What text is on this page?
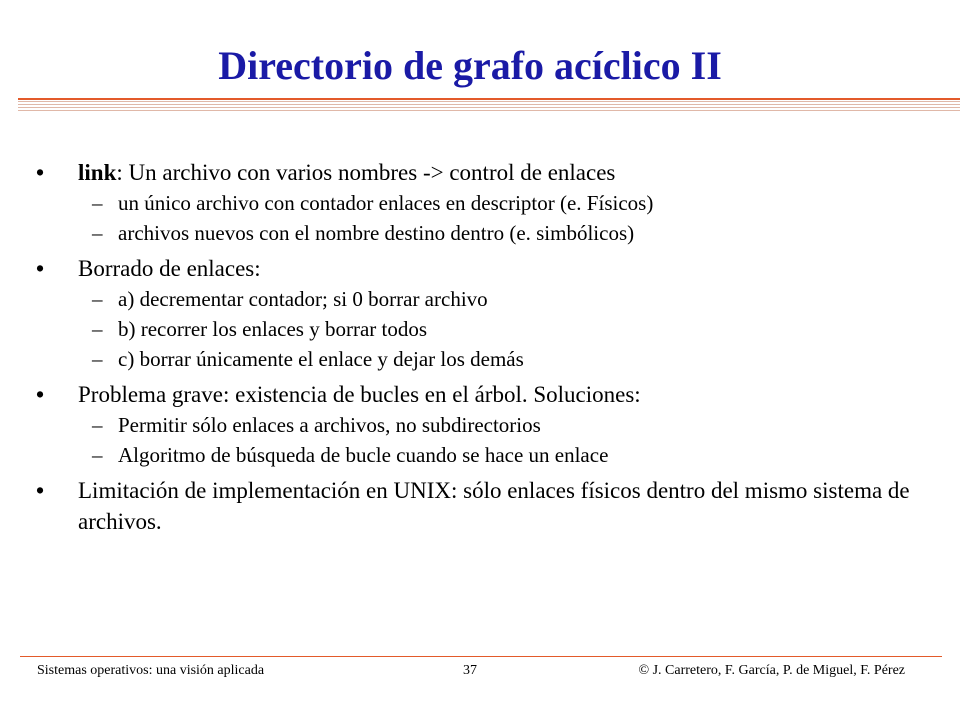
Directorio de grafo acíclico II
•	link: Un archivo con varios nombres -> control de enlaces
– un único archivo con contador enlaces en descriptor (e. Físicos)
– archivos nuevos con el nombre destino dentro (e. simbólicos)
•	Borrado de enlaces:
– a) decrementar contador; si 0 borrar archivo
– b) recorrer los enlaces y borrar todos
– c) borrar únicamente el enlace y dejar los demás
•	Problema grave: existencia de bucles en el árbol. Soluciones:
– Permitir sólo enlaces a archivos, no subdirectorios
– Algoritmo de búsqueda de bucle cuando se hace un enlace
•	Limitación de implementación en UNIX: sólo enlaces físicos dentro del mismo sistema de archivos.
Sistemas operativos: una visión aplicada	37	© J. Carretero, F. García, P. de Miguel, F. Pérez
